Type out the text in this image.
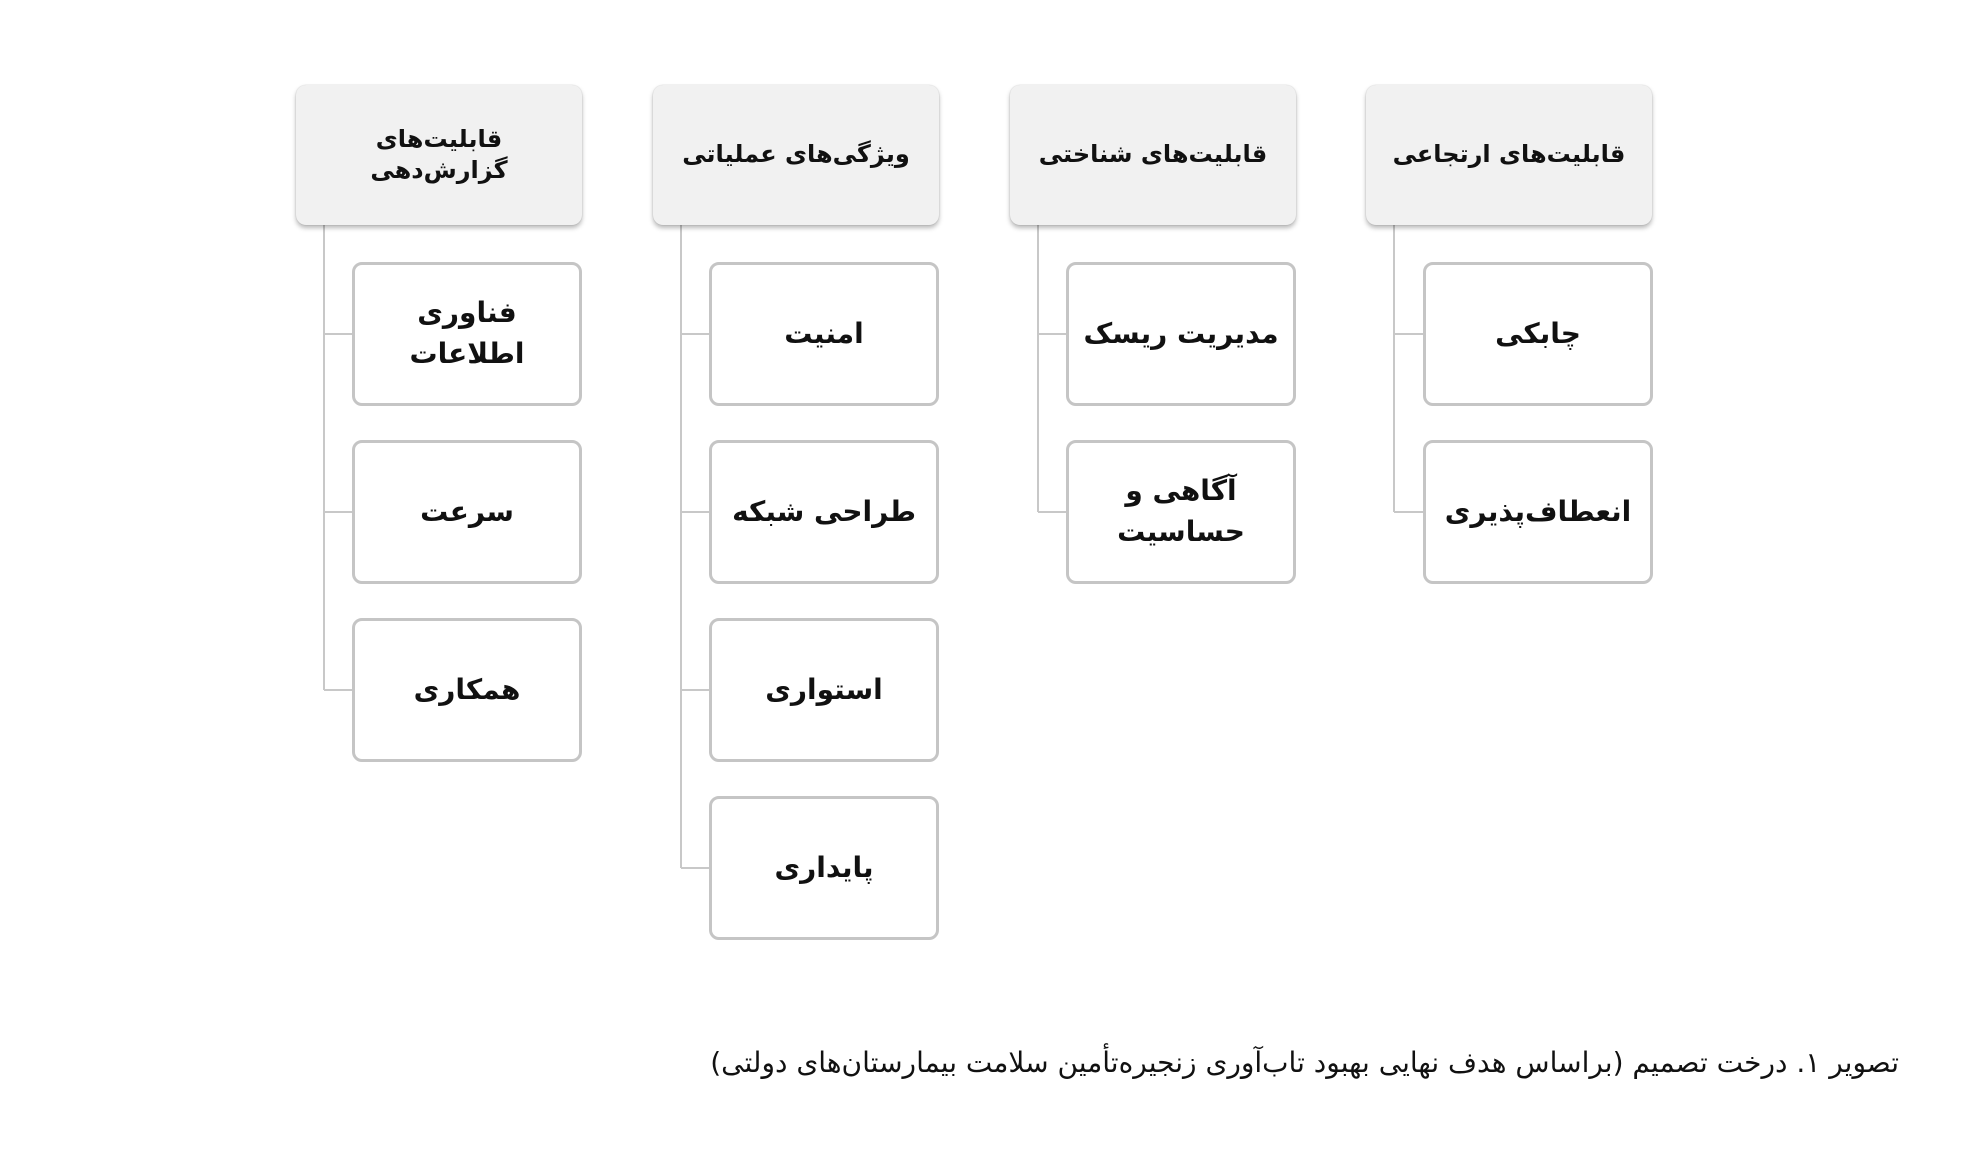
قابلیت‌های ارتجاعی
چابکی
انعطاف‌پذیری
قابلیت‌های شناختی
مدیریت ریسک
آگاهی و حساسیت
ویژگی‌های عملیاتی
امنیت
طراحی شبکه
استواری
پایداری
قابلیت‌های گزارش‌دهی
فناوری اطلاعات
سرعت
همکاری
تصویر ۱. درخت تصمیم (براساس هدف نهایی بهبود تاب‌آوری زنجیره‌تأمین سلامت بیمارستان‌های دولتی)
